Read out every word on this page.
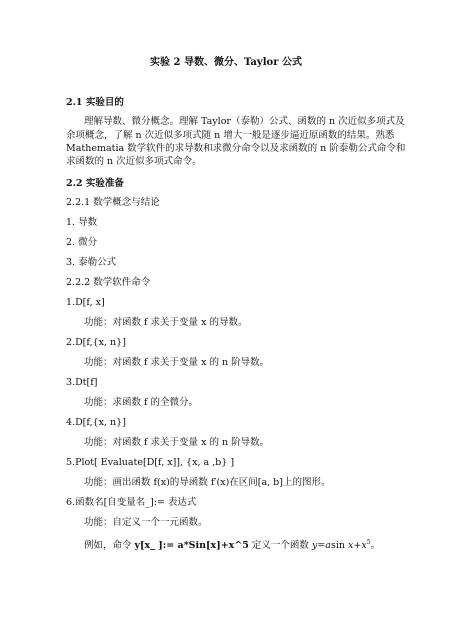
实验 2 导数、微分、Taylor 公式
2.1 实验目的
理解导数、微分概念。理解 Taylor（泰勒）公式、函数的 n 次近似多项式及
余项概念，了解 n 次近似多项式随 n 增大一般是逐步逼近原函数的结果。熟悉
Mathematia 数学软件的求导数和求微分命令以及求函数的 n 阶泰勒公式命令和
求函数的 n 次近似多项式命令。
2.2 实验准备
2.2.1 数学概念与结论
1. 导数
2. 微分
3. 泰勒公式
2.2.2 数学软件命令
1.D[f, x]
功能：对函数 f 求关于变量 x 的导数。
2.D[f,{x, n}]
功能：对函数 f 求关于变量 x 的 n 阶导数。
3.Dt[f]
功能：求函数 f 的全微分。
4.D[f,{x, n}]
功能：对函数 f 求关于变量 x 的 n 阶导数。
5.Plot[ Evaluate[D[f, x]], {x, a ,b} ]
功能：画出函数 f(x)的导函数 f′(x)在区间[a, b]上的图形。
6.函数名[自变量名_]:= 表达式
功能：自定义一个一元函数。
例如，命令 y[x_ ]:= a*Sin[x]+x^5 定义一个函数 y=asin $x+x^5$。
